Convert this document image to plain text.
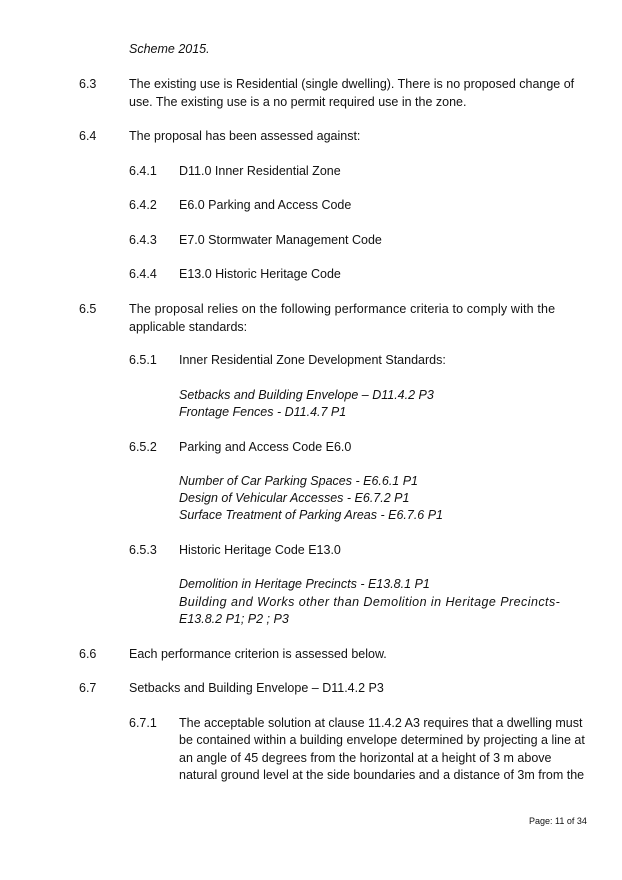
Scheme 2015.
6.3	The existing use is Residential (single dwelling). There is no proposed change of
use. The existing use is a no permit required use in the zone.
6.4	The proposal has been assessed against:
6.4.1 D11.0 Inner Residential Zone
6.4.2 E6.0 Parking and Access Code
6.4.3 E7.0 Stormwater Management Code
6.4.4 E13.0 Historic Heritage Code
6.5	The proposal relies on the following performance criteria to comply with the
applicable standards:
6.5.1 Inner Residential Zone Development Standards:
Setbacks and Building Envelope – D11.4.2 P3
Frontage Fences - D11.4.7 P1
6.5.2 Parking and Access Code E6.0
Number of Car Parking Spaces - E6.6.1 P1
Design of Vehicular Accesses - E6.7.2 P1
Surface Treatment of Parking Areas - E6.7.6 P1
6.5.3 Historic Heritage Code E13.0
Demolition in Heritage Precincts - E13.8.1 P1
Building and Works other than Demolition in Heritage Precincts-
E13.8.2 P1; P2 ; P3
6.6	Each performance criterion is assessed below.
6.7	Setbacks and Building Envelope – D11.4.2 P3
6.7.1 The acceptable solution at clause 11.4.2 A3 requires that a dwelling must
be contained within a building envelope determined by projecting a line at
an angle of 45 degrees from the horizontal at a height of 3 m above
natural ground level at the side boundaries and a distance of 3m from the
Page: 11 of 34
